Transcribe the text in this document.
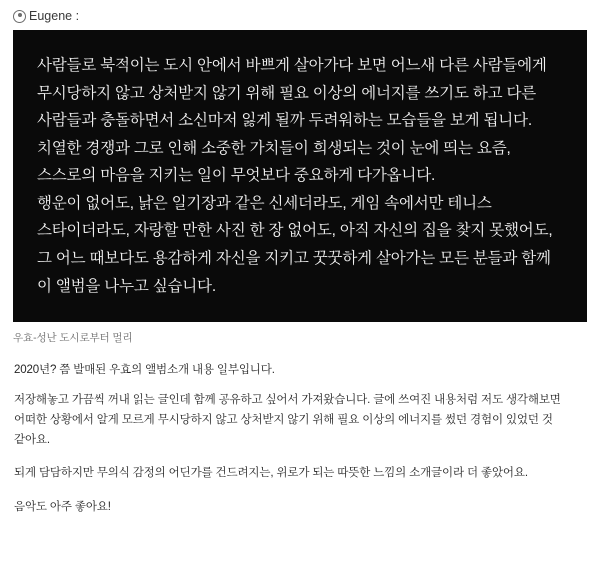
Eugene :

사람들로 북적이는 도시 안에서 바쁘게 살아가다 보면 어느새 다른 사람들에게 무시당하지 않고 상처받지 않기 위해 필요 이상의 에너지를 쓰기도 하고 다른 사람들과 충돌하면서 소신마저 잃게 될까 두려워하는 모습들을 보게 됩니다.

치열한 경쟁과 그로 인해 소중한 가치들이 희생되는 것이 눈에 띄는 요즘, 스스로의 마음을 지키는 일이 무엇보다 중요하게 다가옵니다.

행운이 없어도, 낡은 일기장과 같은 신세더라도, 게임 속에서만 테니스 스타이더라도, 자랑할 만한 사진 한 장 없어도, 아직 자신의 집을 찾지 못했어도, 그 어느 때보다도 용감하게 자신을 지키고 꿋꿋하게 살아가는 모든 분들과 함께 이 앨범을 나누고 싶습니다.

우효-성난 도시로부터 멀리

2020년? 쯤 발매된 우효의 앨범소개 내용 일부입니다.

저장해놓고 가끔씩 꺼내 읽는 글인데 함께 공유하고 싶어서 가져왔습니다. 글에 쓰여진 내용처럼 저도 생각해보면 어떠한 상황에서 알게 모르게 무시당하지 않고 상처받지 않기 위해 필요 이상의 에너지를 썼던 경험이 있었던 것 같아요.

되게 담담하지만 무의식 감정의 어딘가를 건드려지는, 위로가 되는 따뜻한 느낌의 소개글이라 더 좋았어요.

음악도 아주 좋아요!
